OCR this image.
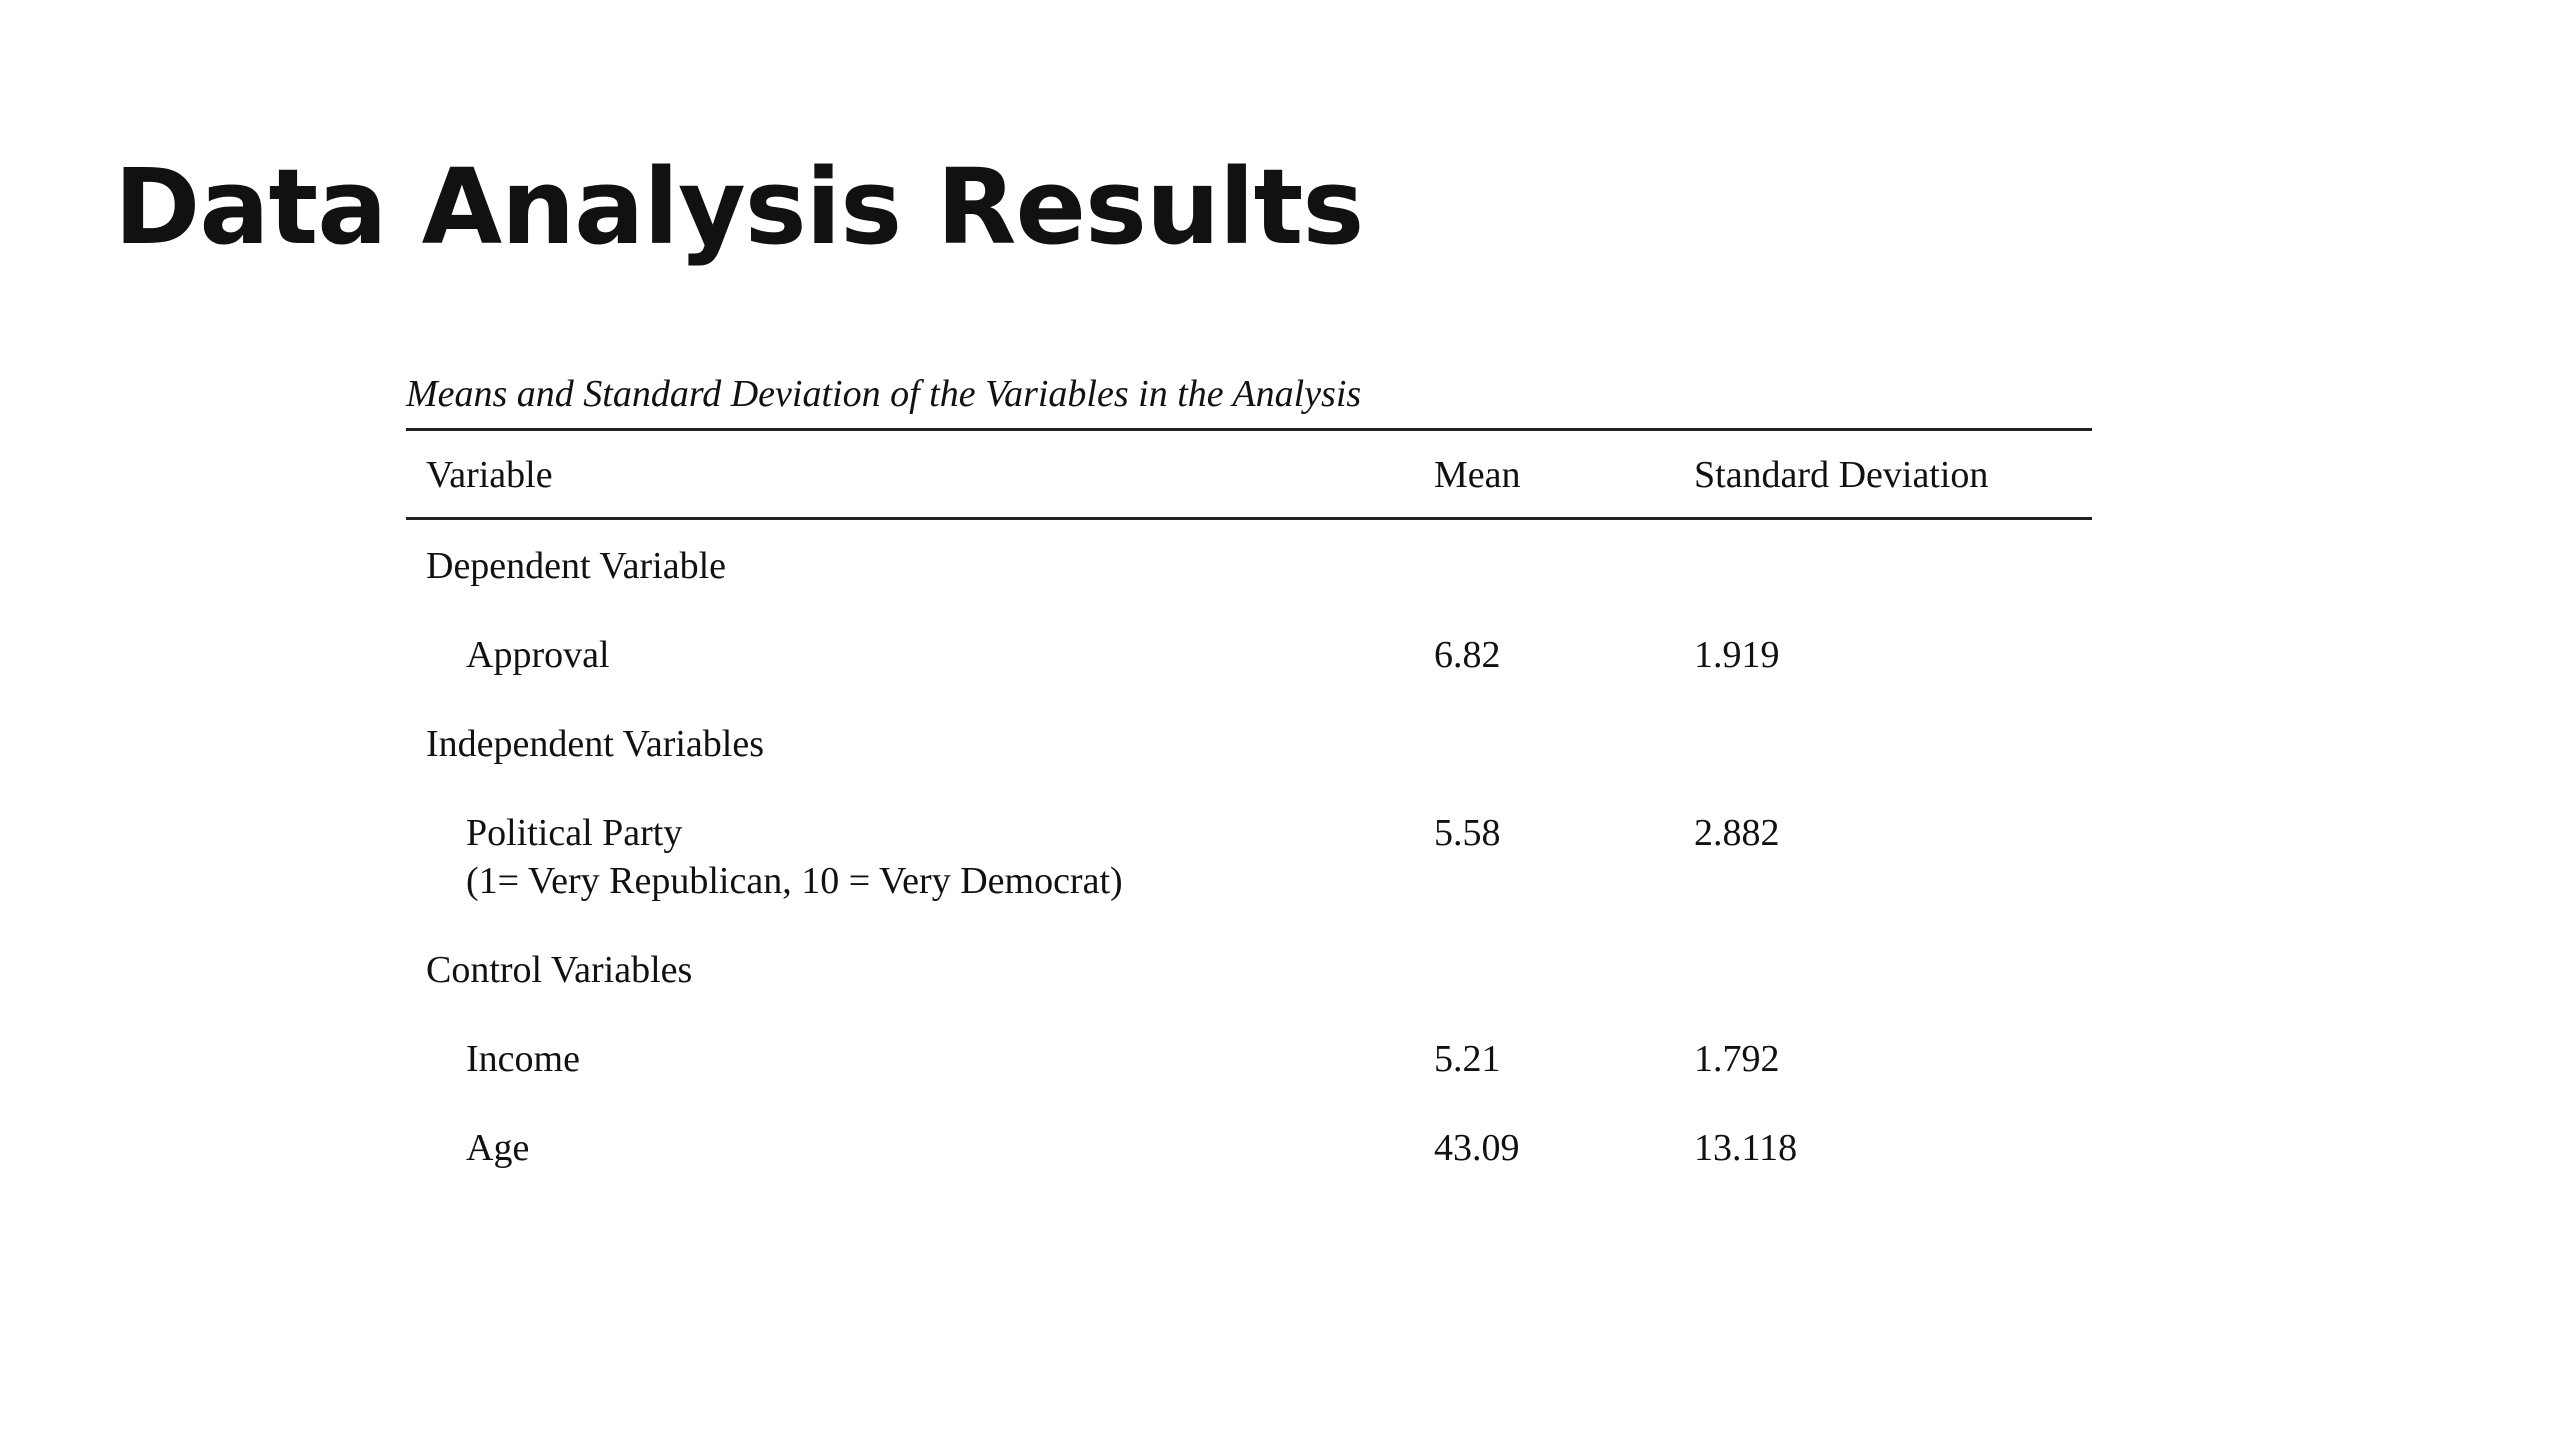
Data Analysis Results
Means and Standard Deviation of the Variables in the Analysis
Variable	Mean	Standard Deviation
Dependent Variable
Approval	6.82	1.919
Independent Variables
Political Party
(1= Very Republican, 10 = Very Democrat)
5.58	2.882
Control Variables
Income	5.21	1.792
Age	43.09	13.118
